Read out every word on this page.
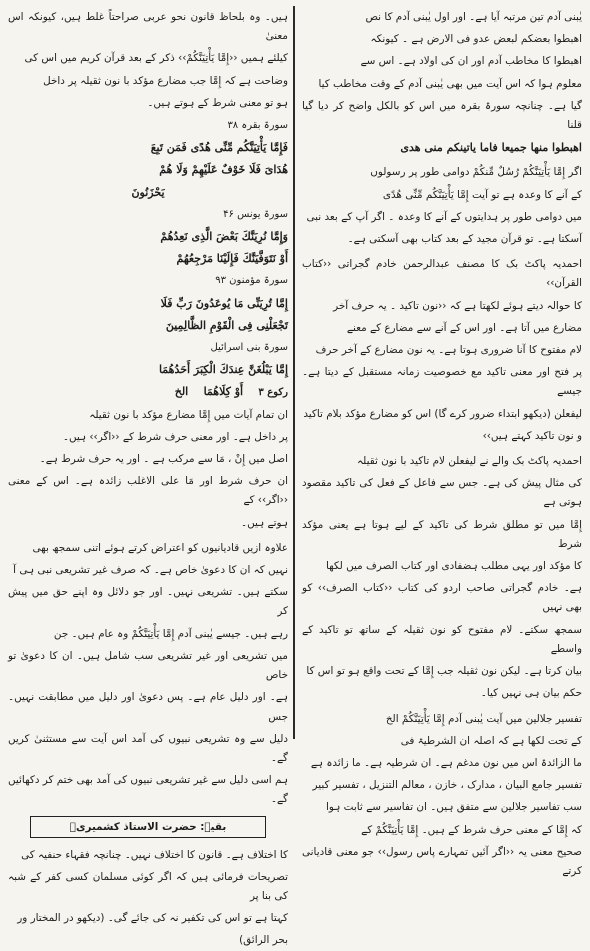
ہیں۔ وہ بلحاظ قانون نحو عربی صراحتاً غلط ہیں، کیونکہ اس معنیٰ

کیلئے ہمیں ‹‹إِمَّا یَأْتِیَنَّكُمْ›› ذکر کے بعد قرآن کریم میں اس کی

وضاحت ہے کہ إِمَّا جب مضارع مؤکد با نون ثقیلہ پر داخل

ہو تو معنی شرط کے ہوتے ہیں۔

سورۃ بقرہ ۳۸

فَإِمَّا یَأْتِیَنَّكُم مِّنِّی هُدًى فَمَن تَبِعَ

هُدَایَ فَلَا خَوْفٌ عَلَیْهِمْ وَلَا هُمْ

یَحْزَنُونَ

سورۃ یونس ۴۶

وَإِمَّا نُرِیَنَّكَ بَعْضَ الَّذِی نَعِدُهُمْ

أَوْ نَتَوَفَّیَنَّكَ فَإِلَیْنَا مَرْجِعُهُمْ

سورۃ مؤمنون ۹۳

إِمَّا تُرِیَنِّی مَا یُوعَدُونَ رَبِّ فَلَا

تَجْعَلْنِی فِی الْقَوْمِ الظَّالِمِینَ

سورۃ بنی اسرائیل

إِمَّا یَبْلُغَنَّ عِندَكَ الْكِبَرَ أَحَدُهُمَا

رکوع ۳    أَوْ كِلَاهُمَا    الخ

ان تمام آیات میں إِمَّا مضارع مؤکد با نون ثقیلہ

پر داخل ہے۔ اور معنی حرف شرط کے ‹‹اگر›› ہیں۔

اصل میں إِنْ ، مَا سے مرکب ہے ۔ اور یہ حرف شرط ہے۔

ان حرف شرط اور مَا علی الاغلب زائدہ ہے۔ اس کے معنی ‹‹اگر›› کے

ہوتے ہیں۔

علاوہ ازیں قادیانیوں کو اعتراض کرتے ہوئے اتنی سمجھ بھی

نہیں کہ ان کا دعویٰ خاص ہے۔ کہ صرف غیر تشریعی نبی ہی آ

سکتے ہیں۔ تشریعی نہیں۔ اور جو دلائل وہ اپنے حق میں پیش کر

رہے ہیں۔ جیسے یٰبنی آدم إِمَّا یَأْتِیَنَّكُمْ وہ عام ہیں۔ جن

میں تشریعی اور غیر تشریعی سب شامل ہیں۔ ان کا دعویٰ تو خاص

ہے۔ اور دلیل عام ہے۔ پس دعویٰ اور دلیل میں مطابقت نہیں۔ جس

دلیل سے وہ تشریعی نبیوں کی آمد اس آیت سے مستثنیٰ کریں گے۔

ہم اسی دلیل سے غیر تشریعی نبیوں کی آمد بھی ختم کر دکھائیں گے۔

بقیہ: حضرت الاستاذ کشمیریؒ

کا اختلاف ہے۔ قانون کا اختلاف نہیں۔ چنانچہ فقہاء حنفیہ کی

تصریحات فرمائی ہیں کہ اگر کوئی مسلمان کسی کفر کے شبہ کی بنا پر

کہتا ہے تو اس کی تکفیر نہ کی جائے گی۔ (دیکھو در المختار ور

بحر الرائق)

یٰبنی آدم تین مرتبہ آیا ہے۔ اور اول یٰبنی آدم کا نص

اهبطوا بعضكم لبعض عدو فی الارض ہے ۔ کیونکہ

اهبطوا کا مخاطب آدم اور ان کی اولاد ہے۔ اس سے

معلوم ہوا کہ اس آیت میں بھی یٰبنی آدم کے وقت مخاطب کیا

گیا ہے۔ چنانچہ سورۃ بقرہ میں اس کو بالکل واضح کر دیا گیا قلنا

اهبطوا منها جميعا فاما یاتینکم منی هدی

اگر إِمَّا یَأْتِیَنَّكُمْ رُسُلٌ مِّنكُمْ دوامی طور پر رسولوں

کے آنے کا وعدہ ہے تو آیت إِمَّا یَأْتِیَنَّكُم مِّنِّی هُدًى

میں دوامی طور پر ہدایتوں کے آنے کا وعدہ ۔ اگر آپ کے بعد نبی

آسکتا ہے۔ تو قرآن مجید کے بعد کتاب بھی آسکتی ہے۔

احمدیہ پاکٹ بک کا مصنف عبدالرحمن خادم گجراتی ‹‹کتاب القرآن››

کا حوالہ دیتے ہوئے لکھتا ہے کہ ‹‹نون تاکید ۔ یہ حرف آخر

مضارع میں آتا ہے۔ اور اس کے آنے سے مضارع کے معنے

لام مفتوح کا آنا ضروری ہوتا ہے۔ یہ نون مضارع کے آخر حرف

پر فتح اور معنی تاکید مع خصوصیت زمانہ مستقبل کے دیتا ہے۔ جیسے

لیفعلن (دیکھو ابتداء ضرور کرے گا) اس کو مضارع مؤکد بلام تاکید

و نون تاکید کہتے ہیں››

احمدیہ پاکٹ بک والے نے لیفعلن لام تاکید با نون ثقیلہ

کی مثال پیش کی ہے۔ جس سے فاعل کے فعل کی تاکید مقصود ہوتی ہے

إِمَّا میں تو مطلق شرط کی تاکید کے لیے ہوتا ہے یعنی مؤکد شرط

کا مؤکد اور یہی مطلب ہضفادی اور کتاب الصرف میں لکھا

ہے۔ خادم گجراتی صاحب اردو کی کتاب ‹‹کتاب الصرف›› کو بھی نہیں

سمجھ سکتے۔ لام مفتوح کو نون ثقیلہ کے ساتھ تو تاکید کے واسطے

بیان کرتا ہے۔ لیکن نون ثقیلہ جب إِمَّا کے تحت واقع ہو تو اس کا

حکم بیان ہی نہیں کیا۔

تفسیر جلالین میں آیت یٰبنی آدم إِمَّا یَأْتِیَنَّكُمْ الخ

کے تحت لکھا ہے کہ اصلہ ان الشرطیۃ فی

ما الزائدۃ اس میں نون مدغم ہے۔ ان شرطیہ ہے۔ ما زائدہ ہے

تفسیر جامع البیان ، مدارک ، خازن ، معالم التنزیل ، تفسیر کبیر

سب تفاسیر جلالین سے متفق ہیں۔ ان تفاسیر سے ثابت ہوا

کہ إِمَّا کے معنی حرف شرط کے ہیں۔ إِمَّا یَأْتِیَنَّكُمْ کے

صحیح معنی یہ ‹‹اگر آئیں تمہارے پاس رسول›› جو معنی قادیانی کرتے
